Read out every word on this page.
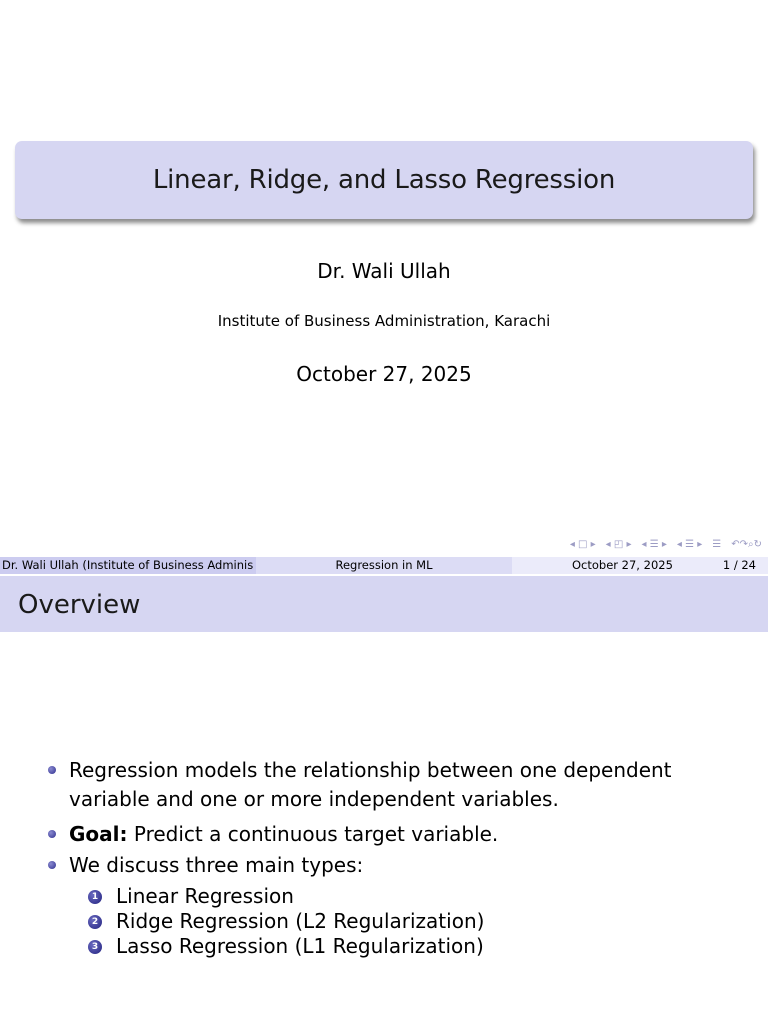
Linear, Ridge, and Lasso Regression
Dr. Wali Ullah
Institute of Business Administration, Karachi
October 27, 2025
◂ □ ▸ ◂ ◰ ▸ ◂ ☰ ▸ ◂ ☰ ▸ ☰ ↶↷⌕↻
Dr. Wali Ullah (Institute of Business Adminis	Regression in ML	October 27, 2025	1 / 24
Overview
Regression models the relationship between one dependent variable and one or more independent variables.
Goal: Predict a continuous target variable.
We discuss three main types:
1 Linear Regression
2 Ridge Regression (L2 Regularization)
3 Lasso Regression (L1 Regularization)
